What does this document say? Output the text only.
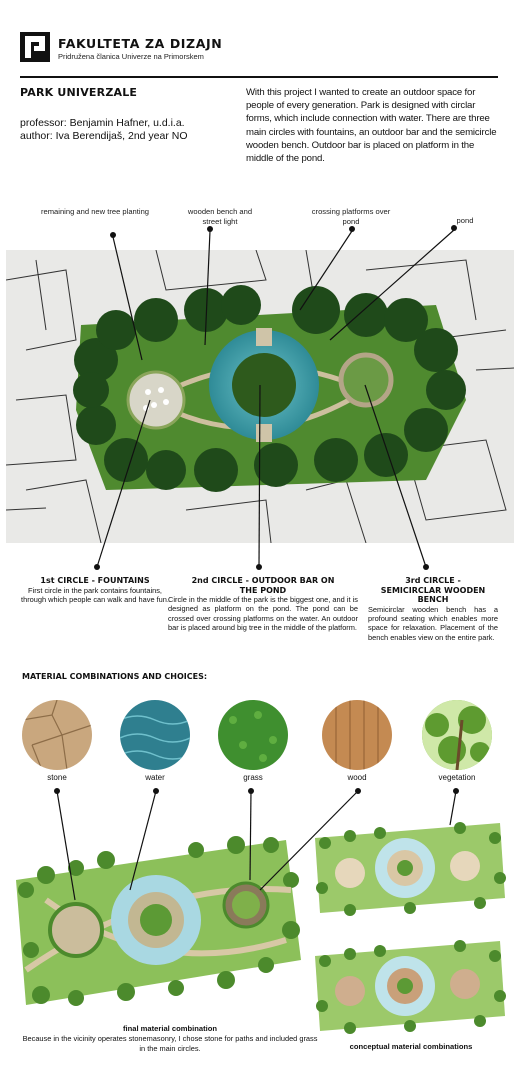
FAKULTETA ZA DIZAJN
Pridružena članica Univerze na Primorskem
PARK UNIVERZALE
professor: Benjamin Hafner, u.d.i.a.
author: Iva Berendijaš, 2nd year NO
With this project I wanted to create an outdoor space for people of every generation. Park is designed with circlar forms, which include connection with water. There are three main circles with fountains, an outdoor bar and the semicircle wooden bench. Outdoor bar is placed on platform in the middle of the pond.
remaining and new tree planting	wooden bench and street light
crossing platforms over pond	pond
1st CIRCLE - FOUNTAINS
First circle in the park contains fountains, through which people can walk and have fun.
2nd CIRCLE - OUTDOOR BAR ON THE POND
Circle in the middle of the park is the biggest one, and it is designed as platform on the pond. The pond can be crossed over crossing platforms on the water. An outdoor bar is placed around big tree in the middle of the platform.
3rd CIRCLE - SEMICIRCLAR WOODEN BENCH
Semicirclar wooden bench has a profound seating which enables more space for relaxation. Placement of the bench enables view on the entire park.
MATERIAL COMBINATIONS AND CHOICES:
stone	water	grass	wood	vegetation
final material combination
Because in the vicinity operates stonemasonry, I chose stone for paths and included grass in the main circles.	conceptual material combinations
